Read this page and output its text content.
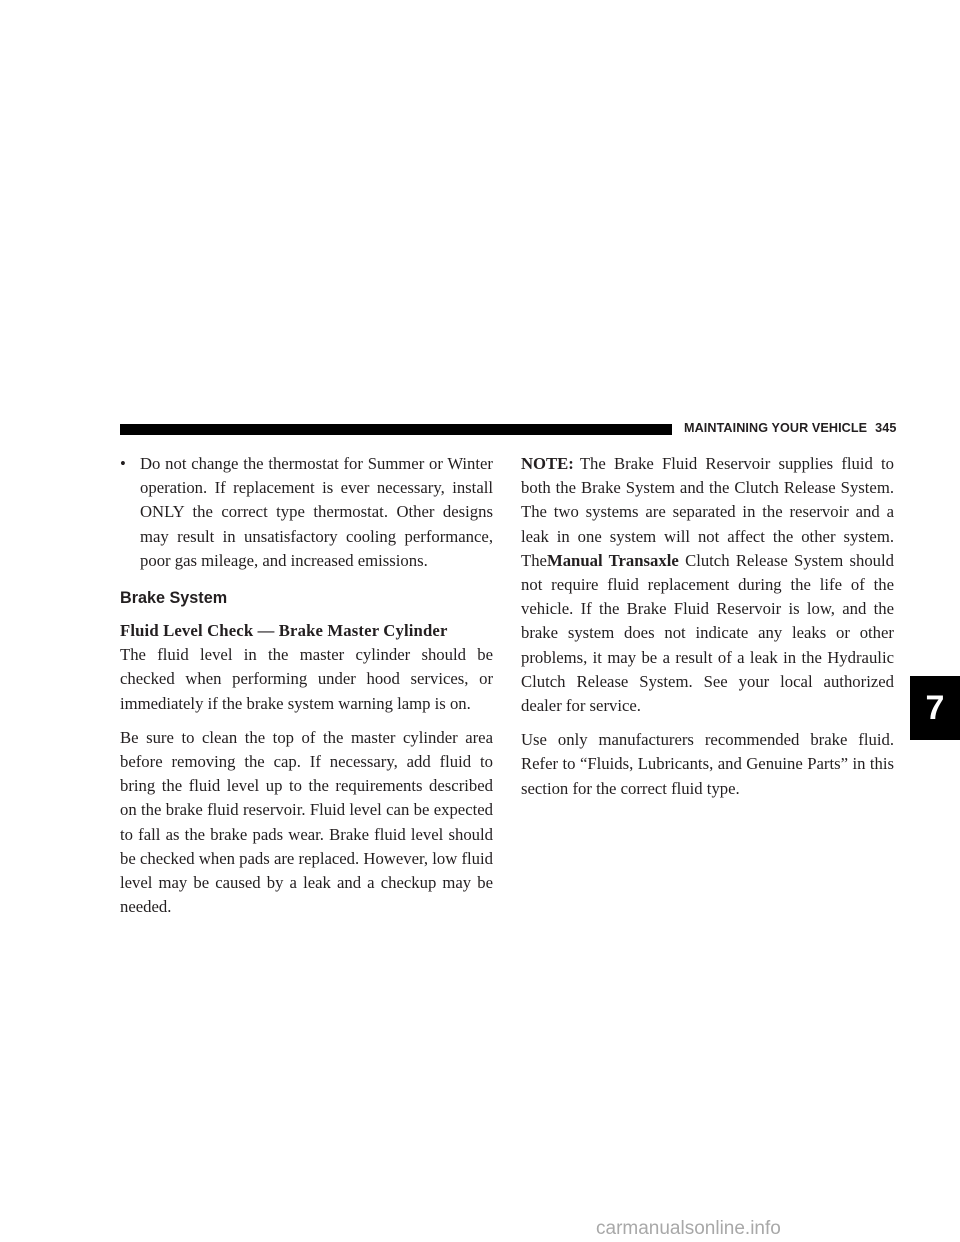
MAINTAINING YOUR VEHICLE 345

• Do not change the thermostat for Summer or Winter operation. If replacement is ever necessary, install ONLY the correct type thermostat. Other designs may result in unsatisfactory cooling performance, poor gas mileage, and increased emissions.

Brake System

Fluid Level Check — Brake Master Cylinder

The fluid level in the master cylinder should be checked when performing under hood services, or immediately if the brake system warning lamp is on.

Be sure to clean the top of the master cylinder area before removing the cap. If necessary, add fluid to bring the fluid level up to the requirements described on the brake fluid reservoir. Fluid level can be expected to fall as the brake pads wear. Brake fluid level should be checked when pads are replaced. However, low fluid level may be caused by a leak and a checkup may be needed.

NOTE: The Brake Fluid Reservoir supplies fluid to both the Brake System and the Clutch Release System. The two systems are separated in the reservoir and a leak in one system will not affect the other system. TheManual Transaxle Clutch Release System should not require fluid replacement during the life of the vehicle. If the Brake Fluid Reservoir is low, and the brake system does not indicate any leaks or other problems, it may be a result of a leak in the Hydraulic Clutch Release System. See your local authorized dealer for service.

Use only manufacturers recommended brake fluid. Refer to “Fluids, Lubricants, and Genuine Parts” in this section for the correct fluid type.

7
carmanualsonline.info
